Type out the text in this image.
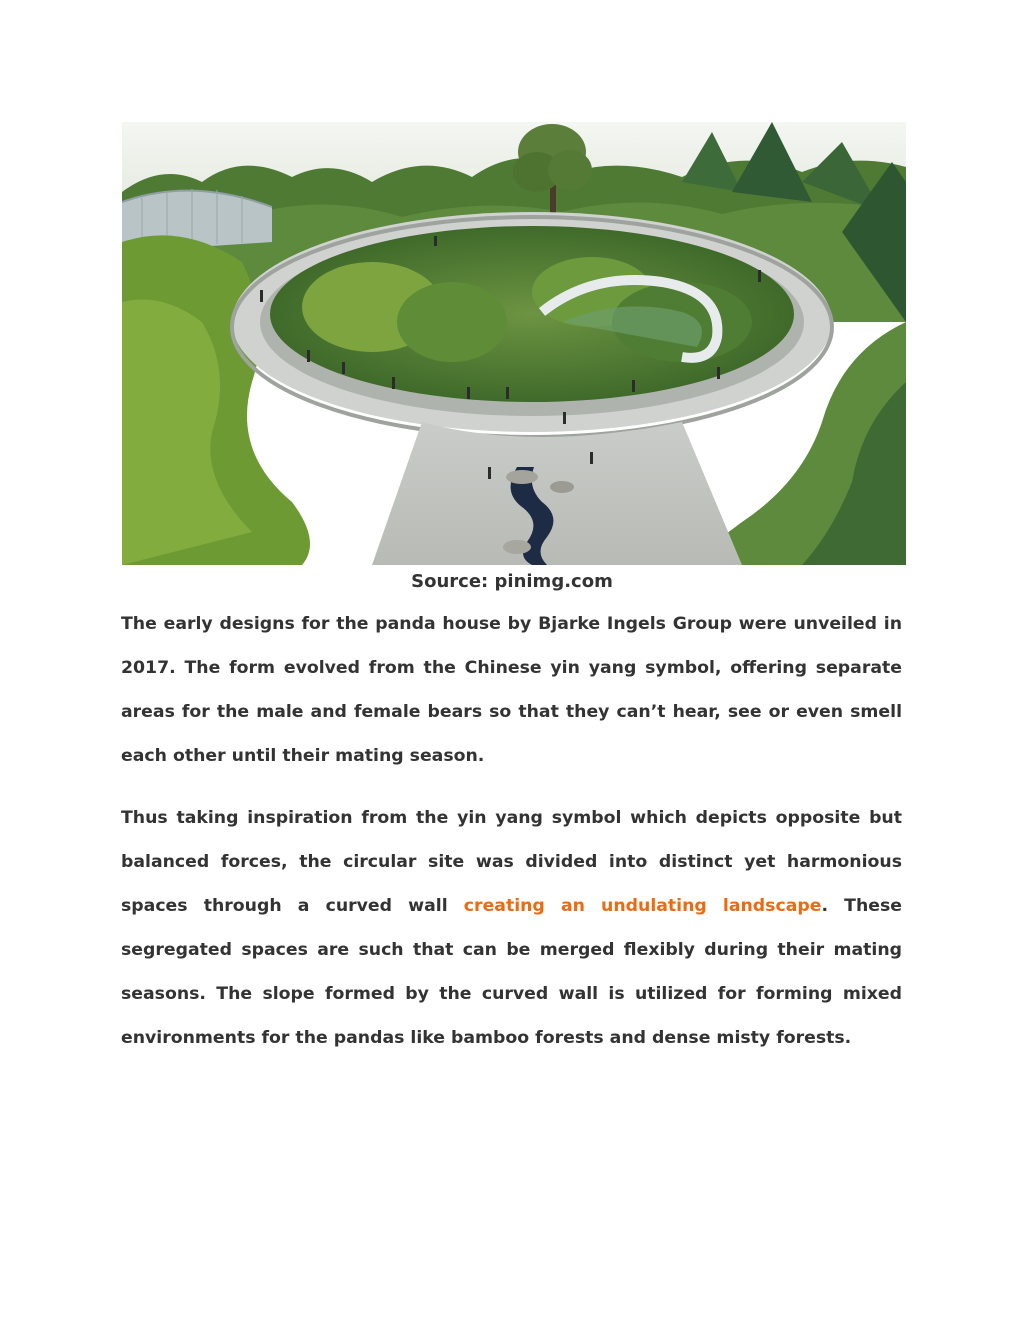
Source: pinimg.com

The early designs for the panda house by Bjarke Ingels Group were unveiled in 2017. The form evolved from the Chinese yin yang symbol, offering separate areas for the male and female bears so that they can’t hear, see or even smell each other until their mating season.

Thus taking inspiration from the yin yang symbol which depicts opposite but balanced forces, the circular site was divided into distinct yet harmonious spaces through a curved wall creating an undulating landscape. These segregated spaces are such that can be merged flexibly during their mating seasons. The slope formed by the curved wall is utilized for forming mixed environments for the pandas like bamboo forests and dense misty forests.
